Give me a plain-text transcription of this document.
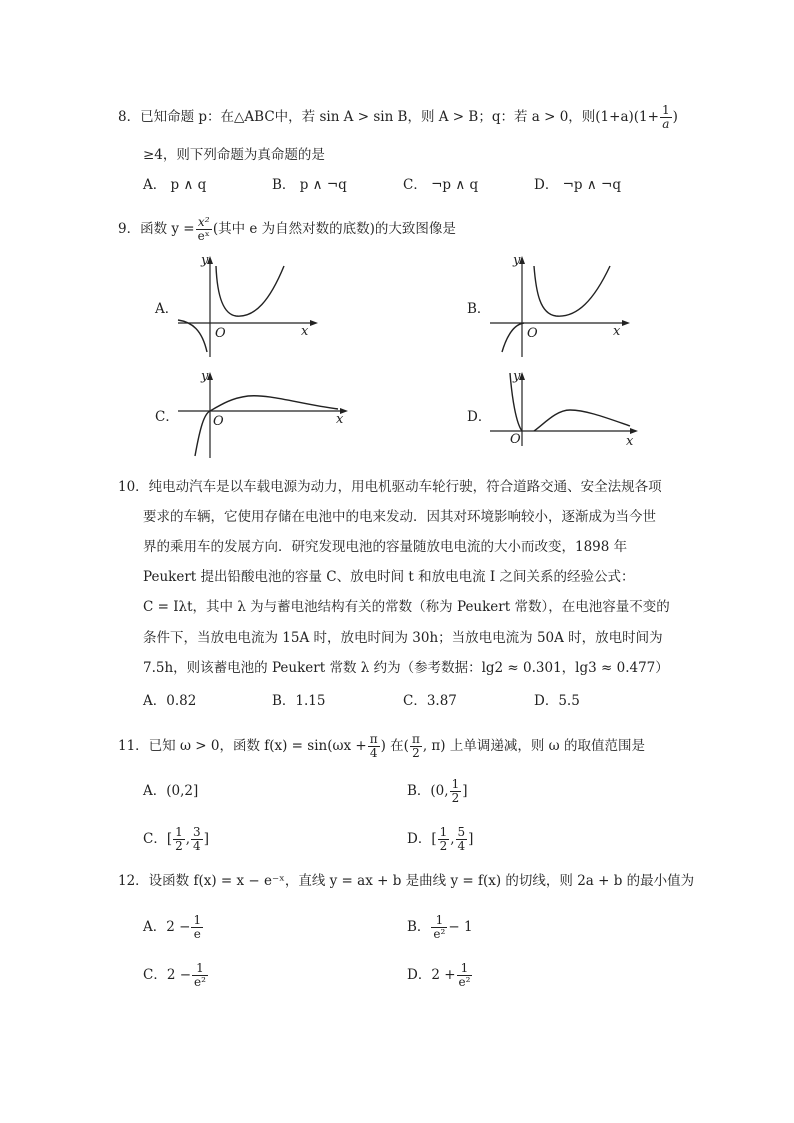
8．已知命题 p：在△ABC中，若 sin A > sin B，则 A > B；q：若 a > 0，则$(1+a)(1+ \frac{1}{a}$ )
≥4，则下列命题为真命题的是
A． p ∧ q	B． p ∧ ¬q	C． ¬p ∧ q	D． ¬p ∧ ¬q
9．函数 $y = \frac{\text{x²}}{\text{eˣ}}$ (其中 e 为自然对数的底数)的大致图像是
A．	B．
C．	D．
y
x
O
y
x
O
y
x
O
y
x
O
10．纯电动汽车是以车载电源为动力，用电机驱动车轮行驶，符合道路交通、安全法规各项
要求的车辆，它使用存储在电池中的电来发动．因其对环境影响较小，逐渐成为当今世
界的乘用车的发展方向．研究发现电池的容量随放电电流的大小而改变，1898 年
Peukert 提出铅酸电池的容量 C、放电时间 t 和放电电流 I 之间关系的经验公式：
C = Iλt，其中 λ 为与蓄电池结构有关的常数（称为 Peukert 常数），在电池容量不变的
条件下，当放电电流为 15A 时，放电时间为 30h；当放电电流为 50A 时，放电时间为
7.5h，则该蓄电池的 Peukert 常数 λ 约为（参考数据：lg2 ≈ 0.301，lg3 ≈ 0.477）
A．0.82	B．1.15	C．3.87	D．5.5
11．已知 ω > 0，函数 $f(x) = \sin(\omega x + \frac{\pi}{4}$ ) 在( $\frac{\pi}{2}$ , π) 上单调递减，则 ω 的取值范围是
A．(0,2]	B．(0, $\frac{1}{2}$ ]
C．[ $\frac{1}{2}$ , $\frac{3}{4}$ ]	D．[ $\frac{1}{2}$ , $\frac{5}{4}$ ]
12．设函数 f(x) = x − e⁻ˣ，直线 y = ax + b 是曲线 y = f(x) 的切线，则 2a + b 的最小值为
A．$2 - \frac{1}{e}$	B． $\frac{1}{\text{e²}} - 1$
C．$2 - \frac{1}{\text{e²}}$	D．$2 + \frac{1}{\text{e²}}$
